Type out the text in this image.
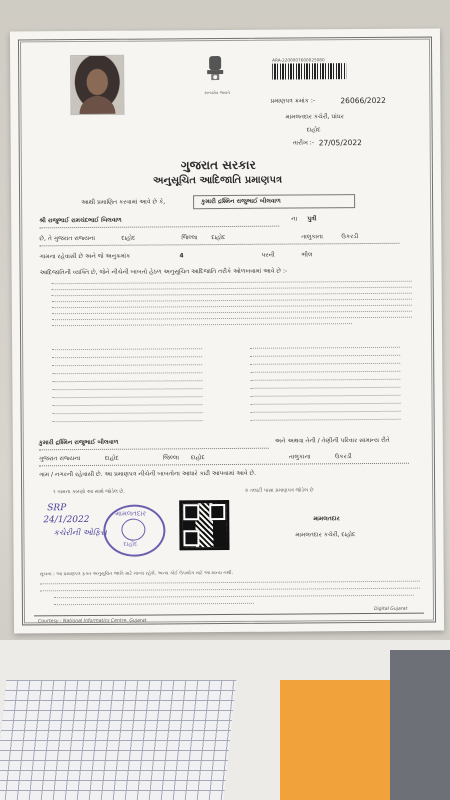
સત્યમેવ જયતે
ARA-2200007600025080
પ્રમાણપત્ર ક્રમાંક :-	26066/2022
મામલતદાર કચેરી, ઘાંઘર
દાહોદ
તારીખ :- 27/05/2022
ગુજરાત સરકાર
અનુસૂચિત આદિજાતિ પ્રમાણપત્ર
આથી પ્રમાણિત કરવામાં આવે છે કે,	કુમારી દ્રશ્મિન રાજુભાઈ બીલવાળ
શ્રી રાજુભાઈ રામચંદભાઈ બિલવાળ	ના પુત્રી
છે, તે ગુજરાત રાજ્યના	દાહોદ	જિલ્લા દાહોદ	તાલુકાના	ઉકરડી
ગામના રહેવાસી છે અને જે અનુક્રમાંક	4	પરની	ભીલ
આદિજાતિની વ્યક્તિ છે, જેને નીચેની બાબતો હેઠળ અનુસૂચિત આદિજાતિ તરીકે ઓળખવામાં આવે છે :-
કુમારી દ્રશ્મિન રાજુભાઈ બીલવાળ	અને અથવા તેની / તેણીની પરિવાર સામાન્ય રીતે
ગુજરાત રાજ્યના	દાહોદ	જિલ્લા દાહોદ	તાલુકાના	ઉકરડી
ગામ / નગરની રહેવાસી છે. આ પ્રમાણપત્ર નીચેની બાબતોના આધારે કાઢી આપવામાં આવે છે.
૧ ગામના કારણો આ સાથે જોડેલ છે.	૨ તલાટી પાસા પ્રમાણપત્ર જોડેલ છે
SRP
24/1/2022
કચેરીની ઓફિસ
મામલતદાર
દાહોદ
મામલતદાર
મામલતદાર કચેરી, દાહોદ
સૂચના : આ પ્રમાણપત્ર ફક્ત અનુસૂચિત જાતિ માટે માન્ય રહેશે. અન્ય કોઈ ઉપયોગ માટે આ માન્ય નથી.
Courtesy : National Informatics Centre, Gujarat
Digital Gujarat
